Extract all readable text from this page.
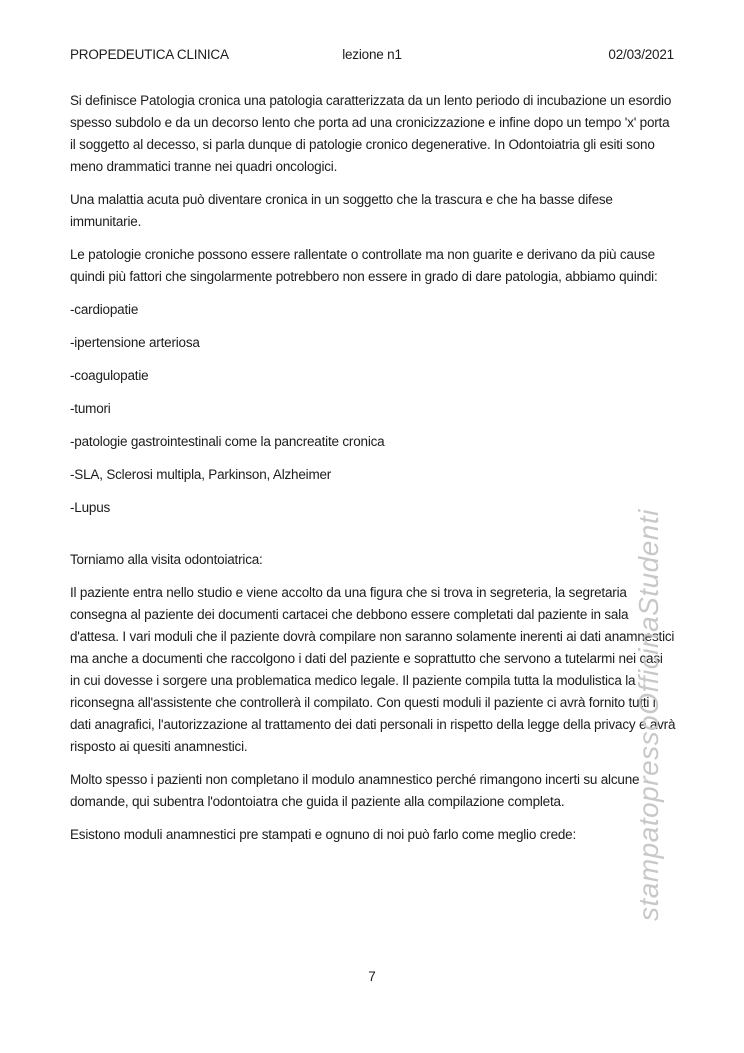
PROPEDEUTICA CLINICA	lezione n1	02/03/2021

Si definisce Patologia cronica una patologia caratterizzata da un lento periodo di incubazione un esordio spesso subdolo e da un decorso lento che porta ad una cronicizzazione e infine dopo un tempo 'x' porta il soggetto al decesso, si parla dunque di patologie cronico degenerative. In Odontoiatria gli esiti sono meno drammatici tranne nei quadri oncologici.

Una malattia acuta può diventare cronica in un soggetto che la trascura e che ha basse difese immunitarie.

Le patologie croniche possono essere rallentate o controllate ma non guarite e derivano da più cause quindi più fattori che singolarmente potrebbero non essere in grado di dare patologia, abbiamo quindi:

-cardiopatie

-ipertensione arteriosa

-coagulopatie

-tumori

-patologie gastrointestinali come la pancreatite cronica

-SLA, Sclerosi multipla, Parkinson, Alzheimer

-Lupus

Torniamo alla visita odontoiatrica:

Il paziente entra nello studio e viene accolto da una figura che si trova in segreteria, la segretaria consegna al paziente dei documenti cartacei che debbono essere completati dal paziente in sala d'attesa. I vari moduli che il paziente dovrà compilare non saranno solamente inerenti ai dati anamnestici ma anche a documenti che raccolgono i dati del paziente e soprattutto che servono a tutelarmi nei casi in cui dovesse i sorgere una problematica medico legale. Il paziente compila tutta la modulistica la riconsegna all'assistente che controllerà il compilato. Con questi moduli il paziente ci avrà fornito tutti i dati anagrafici, l'autorizzazione al trattamento dei dati personali in rispetto della legge della privacy e avrà risposto ai quesiti anamnestici.

Molto spesso i pazienti non completano il modulo anamnestico perché rimangono incerti su alcune domande, qui subentra l'odontoiatra che guida il paziente alla compilazione completa.

Esistono moduli anamnestici pre stampati e ognuno di noi può farlo come meglio crede:	stampatopressoOfficinaStudenti
7
